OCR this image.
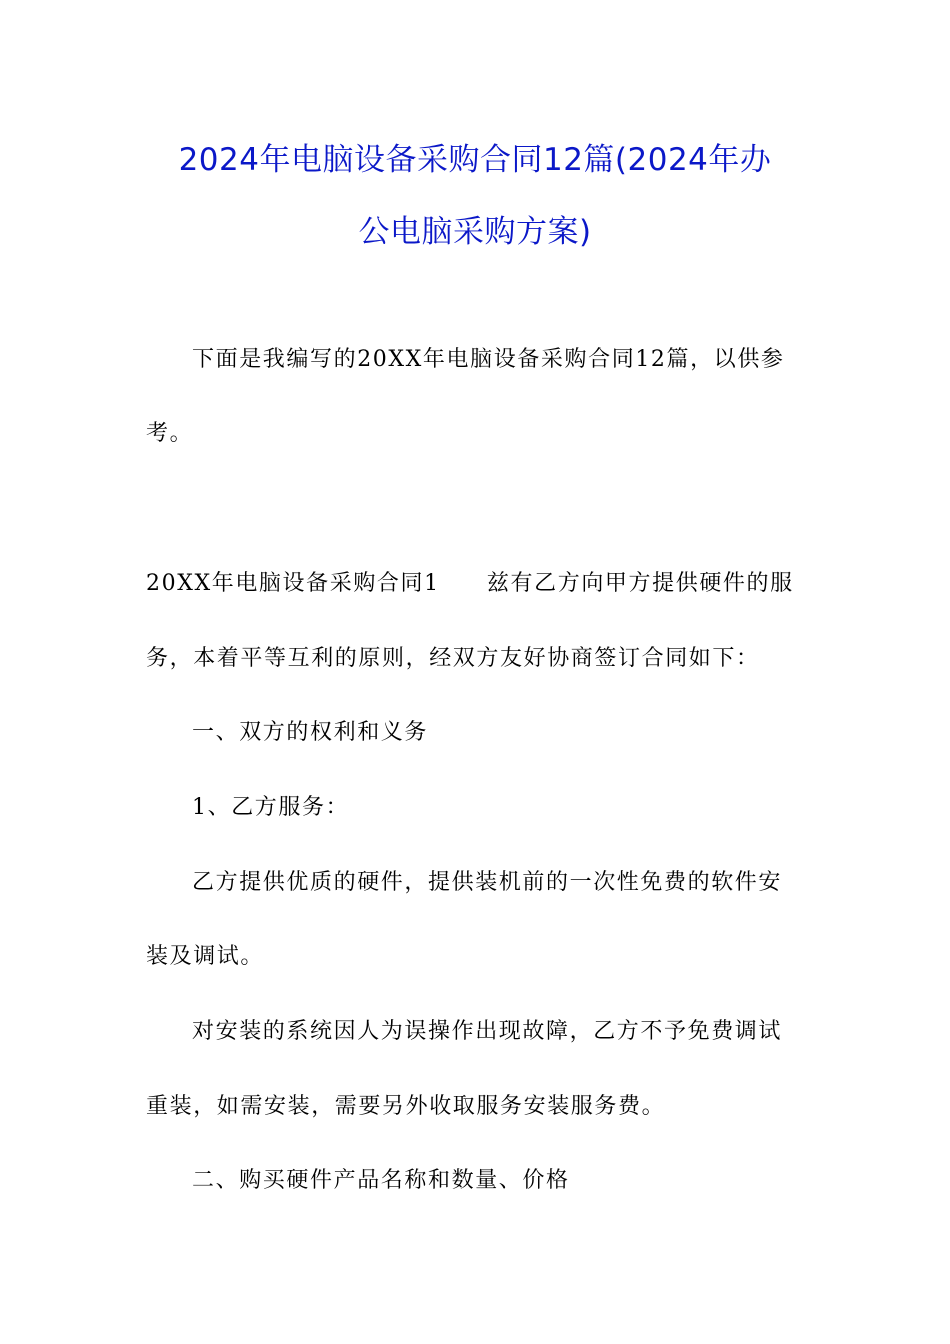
2024年电脑设备采购合同12篇(2024年办
公电脑采购方案)
下面是我编写的20XX年电脑设备采购合同12篇，以供参
考。
20XX年电脑设备采购合同1　　兹有乙方向甲方提供硬件的服
务，本着平等互利的原则，经双方友好协商签订合同如下：
一、双方的权利和义务
1、乙方服务：
乙方提供优质的硬件，提供装机前的一次性免费的软件安
装及调试。
对安装的系统因人为误操作出现故障，乙方不予免费调试
重装，如需安装，需要另外收取服务安装服务费。
二、购买硬件产品名称和数量、价格
